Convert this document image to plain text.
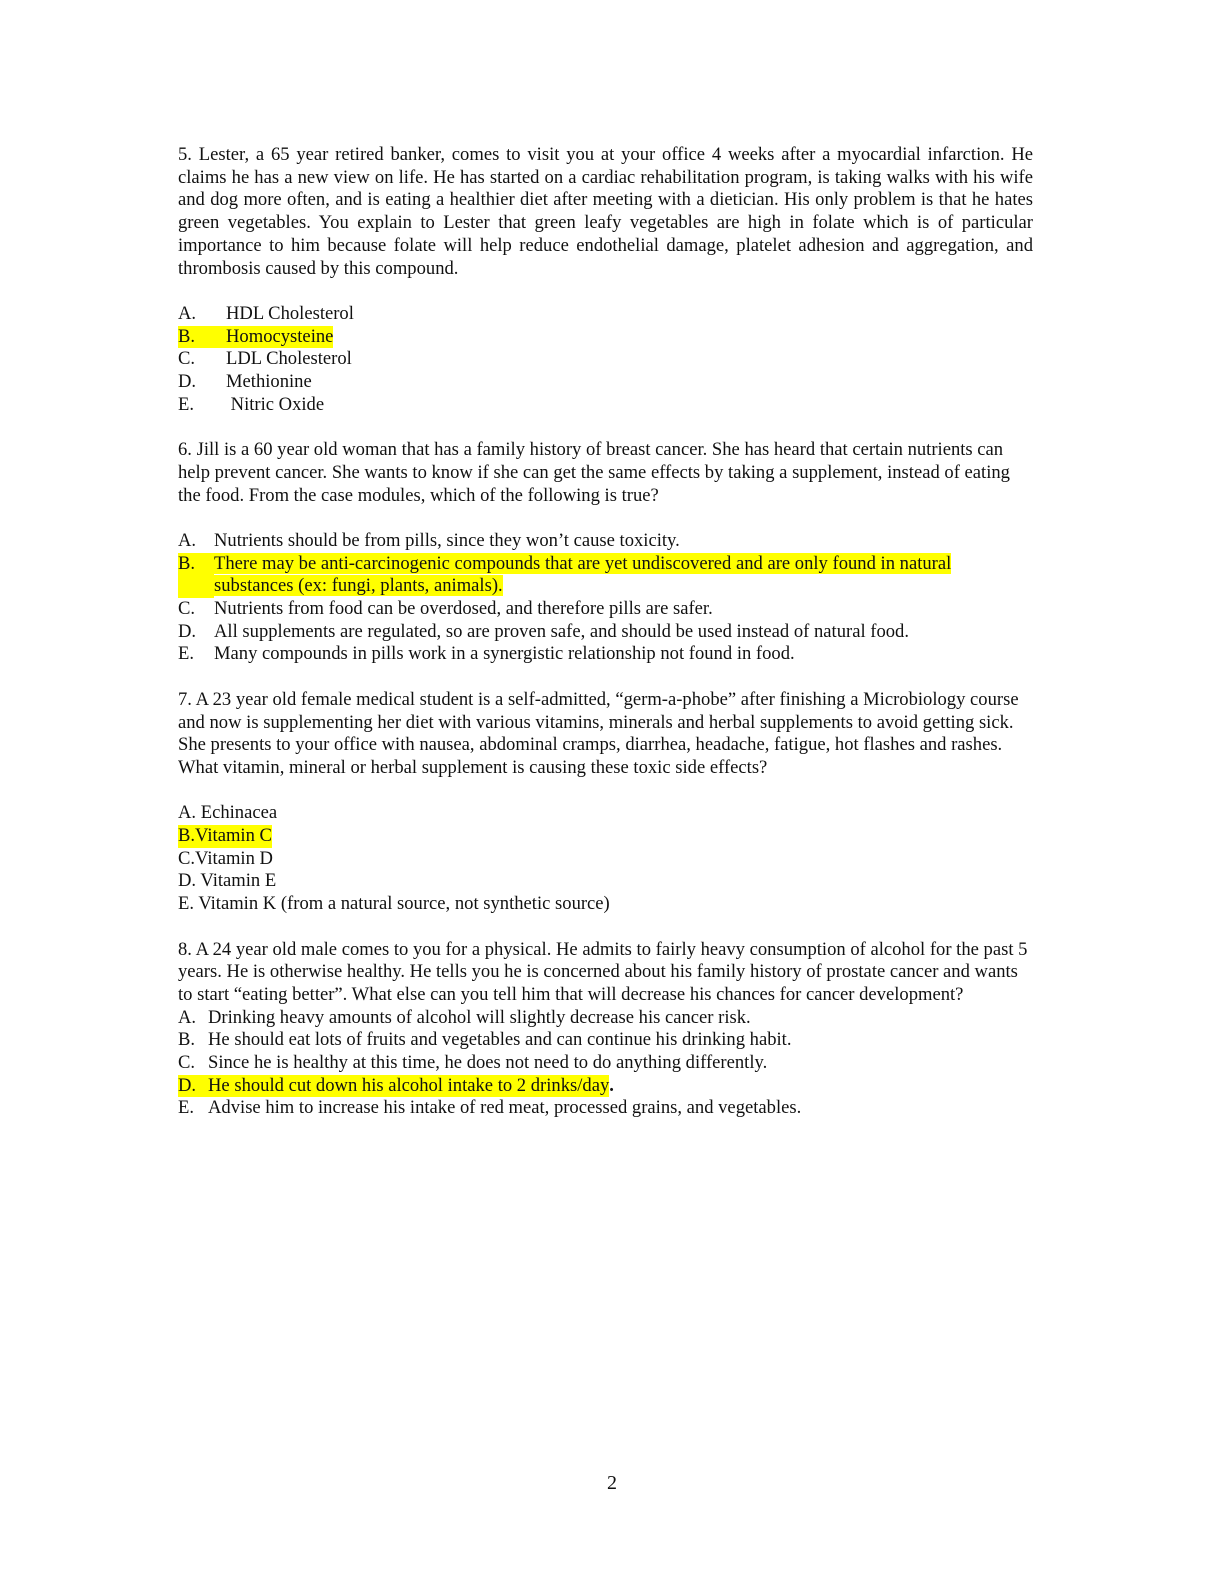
5. Lester, a 65 year retired banker, comes to visit you at your office 4 weeks after a myocardial infarction. He claims he has a new view on life. He has started on a cardiac rehabilitation program, is taking walks with his wife and dog more often, and is eating a healthier diet after meeting with a dietician. His only problem is that he hates green vegetables. You explain to Lester that green leafy vegetables are high in folate which is of particular importance to him because folate will help reduce endothelial damage, platelet adhesion and aggregation, and thrombosis caused by this compound.

A.	HDL Cholesterol
B. Homocysteine
C.	LDL Cholesterol
D.	Methionine
E.	Nitric Oxide

6. Jill is a 60 year old woman that has a family history of breast cancer. She has heard that certain nutrients can help prevent cancer. She wants to know if she can get the same effects by taking a supplement, instead of eating the food. From the case modules, which of the following is true?

A. Nutrients should be from pills, since they won’t cause toxicity.
B.	There may be anti-carcinogenic compounds that are yet undiscovered and are only found in natural
substances (ex: fungi, plants, animals).
C.	Nutrients from food can be overdosed, and therefore pills are safer.
D. All supplements are regulated, so are proven safe, and should be used instead of natural food.
E.	Many compounds in pills work in a synergistic relationship not found in food.

7. A 23 year old female medical student is a self-admitted, “germ-a-phobe” after finishing a Microbiology course and now is supplementing her diet with various vitamins, minerals and herbal supplements to avoid getting sick. She presents to your office with nausea, abdominal cramps, diarrhea, headache, fatigue, hot flashes and rashes. What vitamin, mineral or herbal supplement is causing these toxic side effects?

A. Echinacea
B.Vitamin C
C.Vitamin D
D. Vitamin E
E. Vitamin K (from a natural source, not synthetic source)

8. A 24 year old male comes to you for a physical. He admits to fairly heavy consumption of alcohol for the past 5 years. He is otherwise healthy. He tells you he is concerned about his family history of prostate cancer and wants to start “eating better”. What else can you tell him that will decrease his chances for cancer development?

A. Drinking heavy amounts of alcohol will slightly decrease his cancer risk.
B. He should eat lots of fruits and vegetables and can continue his drinking habit.
C. Since he is healthy at this time, he does not need to do anything differently.
D. He should cut down his alcohol intake to 2 drinks/day .
E. Advise him to increase his intake of red meat, processed grains, and vegetables.
2
